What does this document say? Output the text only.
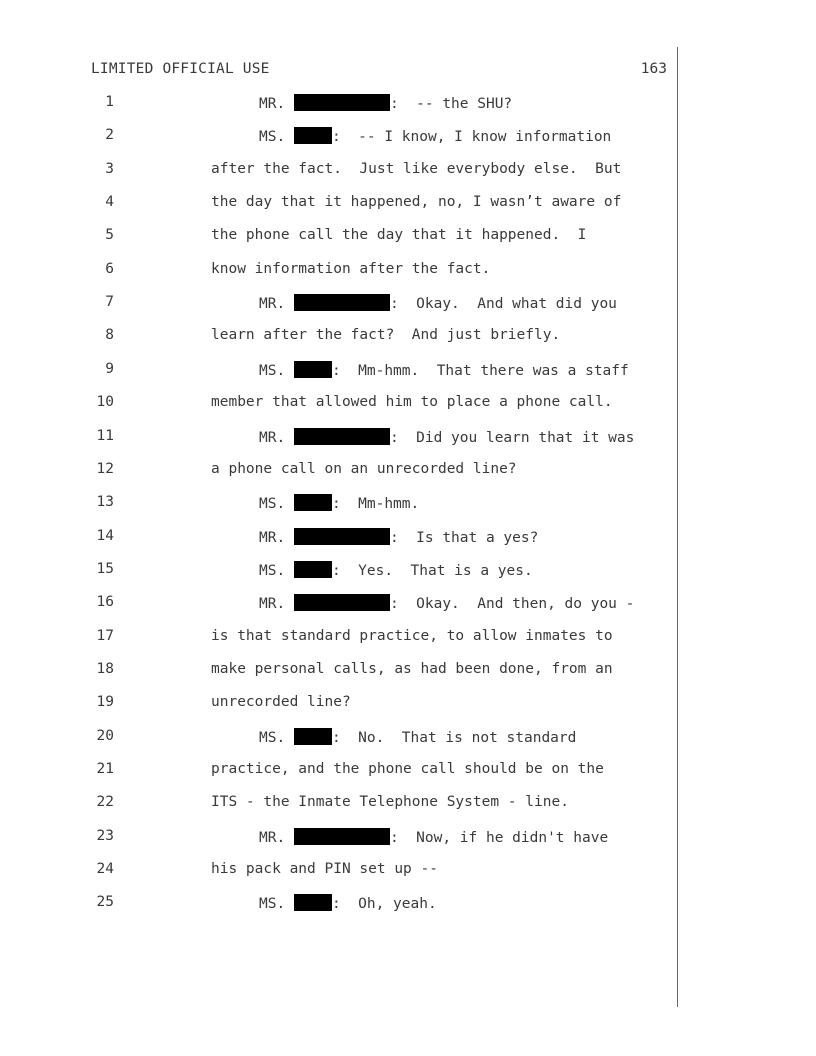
LIMITED OFFICIAL USE	163
1	MR.	:  -- the SHU?
2	MS.	:  -- I know, I know information
3	after the fact.  Just like everybody else.  But
4	the day that it happened, no, I wasn’t aware of
5	the phone call the day that it happened.  I
6	know information after the fact.
7	MR.	:  Okay.  And what did you
8	learn after the fact?  And just briefly.
9	MS.	:  Mm-hmm.  That there was a staff
10	member that allowed him to place a phone call.
11	MR.	:  Did you learn that it was
12	a phone call on an unrecorded line?
13	MS.	:  Mm-hmm.
14	MR.	:  Is that a yes?
15	MS.	:  Yes.  That is a yes.
16	MR.	:  Okay.  And then, do you -
17	is that standard practice, to allow inmates to
18	make personal calls, as had been done, from an
19	unrecorded line?
20	MS.	:  No.  That is not standard
21	practice, and the phone call should be on the
22	ITS - the Inmate Telephone System - line.
23	MR.	:  Now, if he didn't have
24	his pack and PIN set up --
25	MS.	:  Oh, yeah.
